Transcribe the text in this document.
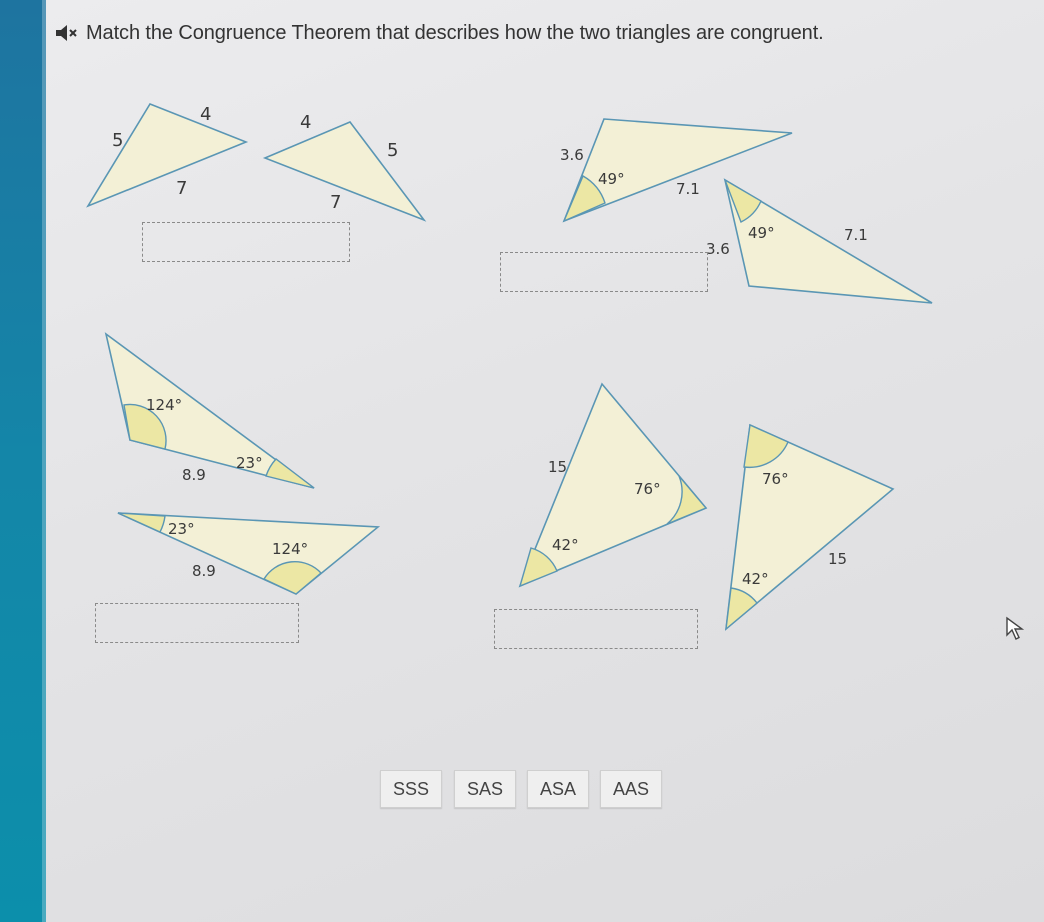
Match the Congruence Theorem that describes how the two triangles are congruent.
5
4
7
4
5
7
3.6
49°
7.1
3.6
49°	7.1
124°
23°
8.9
23°
124°
8.9
15
76°
42°
76°
42°
15
SSS	SAS	ASA	AAS
